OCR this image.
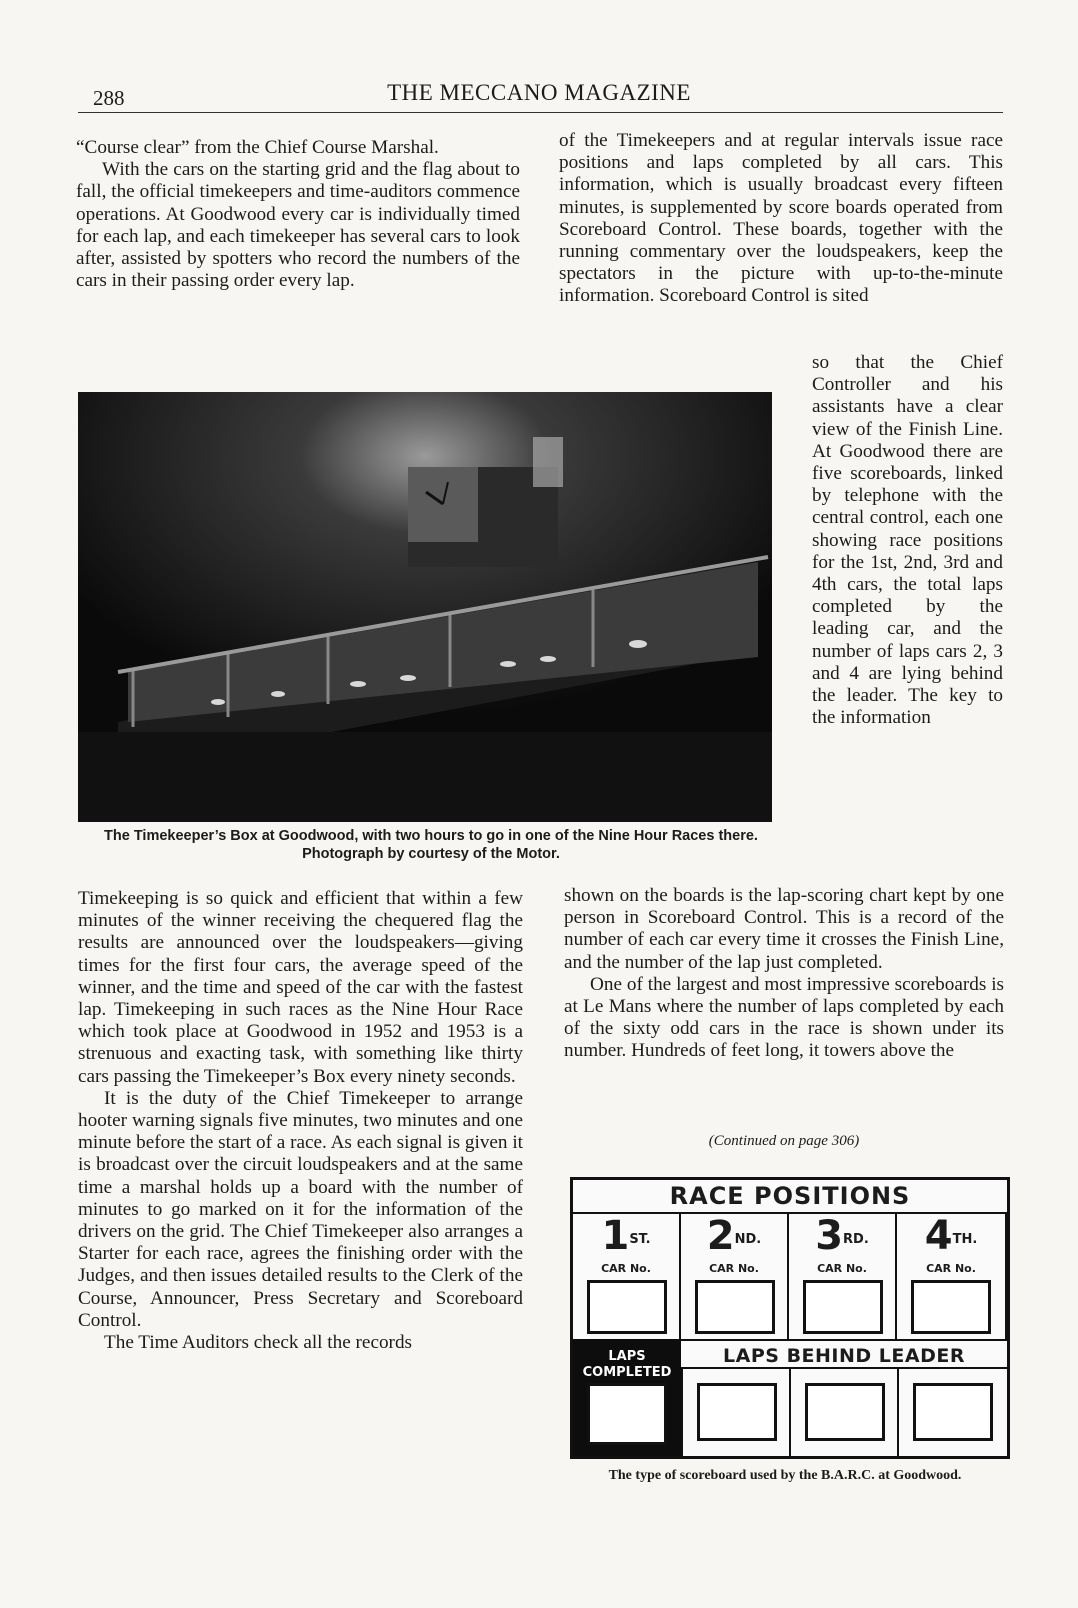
288	THE MECCANO MAGAZINE

“Course clear” from the Chief Course Marshal.

With the cars on the starting grid and the flag about to fall, the official timekeepers and time-auditors commence operations. At Goodwood every car is individually timed for each lap, and each timekeeper has several cars to look after, assisted by spotters who record the numbers of the cars in their passing order every lap.

of the Timekeepers and at regular intervals issue race positions and laps completed by all cars. This information, which is usually broadcast every fifteen minutes, is supplemented by score boards operated from Scoreboard Control. These boards, together with the running commentary over the loudspeakers, keep the spectators in the picture with up-to-the-minute information. Scoreboard Control is sited

so that the Chief Controller and his assistants have a clear view of the Finish Line. At Goodwood there are five scoreboards, linked by telephone with the central control, each one showing race positions for the 1st, 2nd, 3rd and 4th cars, the total laps completed by the leading car, and the number of laps cars 2, 3 and 4 are lying behind the leader. The key to the information

The Timekeeper’s Box at Goodwood, with two hours to go in one of the Nine Hour Races there. Photograph by courtesy of the Motor.

Timekeeping is so quick and efficient that within a few minutes of the winner receiving the chequered flag the results are announced over the loudspeakers—giving times for the first four cars, the average speed of the winner, and the time and speed of the car with the fastest lap. Timekeeping in such races as the Nine Hour Race which took place at Goodwood in 1952 and 1953 is a strenuous and exacting task, with something like thirty cars passing the Timekeeper’s Box every ninety seconds.

It is the duty of the Chief Timekeeper to arrange hooter warning signals five minutes, two minutes and one minute before the start of a race. As each signal is given it is broadcast over the circuit loudspeakers and at the same time a marshal holds up a board with the number of minutes to go marked on it for the information of the drivers on the grid. The Chief Timekeeper also arranges a Starter for each race, agrees the finishing order with the Judges, and then issues detailed results to the Clerk of the Course, Announcer, Press Secretary and Scoreboard Control.

The Time Auditors check all the records

shown on the boards is the lap-scoring chart kept by one person in Scoreboard Control. This is a record of the number of each car every time it crosses the Finish Line, and the number of the lap just completed.

One of the largest and most impressive scoreboards is at Le Mans where the number of laps completed by each of the sixty odd cars in the race is shown under its number. Hundreds of feet long, it towers above the

(Continued on page 306)
RACE POSITIONS
$1^{ST.}$
CAR No.
$2^{ND.}$
CAR No.
$3^{RD.}$
CAR No.
$4^{TH.}$
CAR No.
LAPS
COMPLETED
LAPS BEHIND LEADER
The type of scoreboard used by the B.A.R.C. at Goodwood.
